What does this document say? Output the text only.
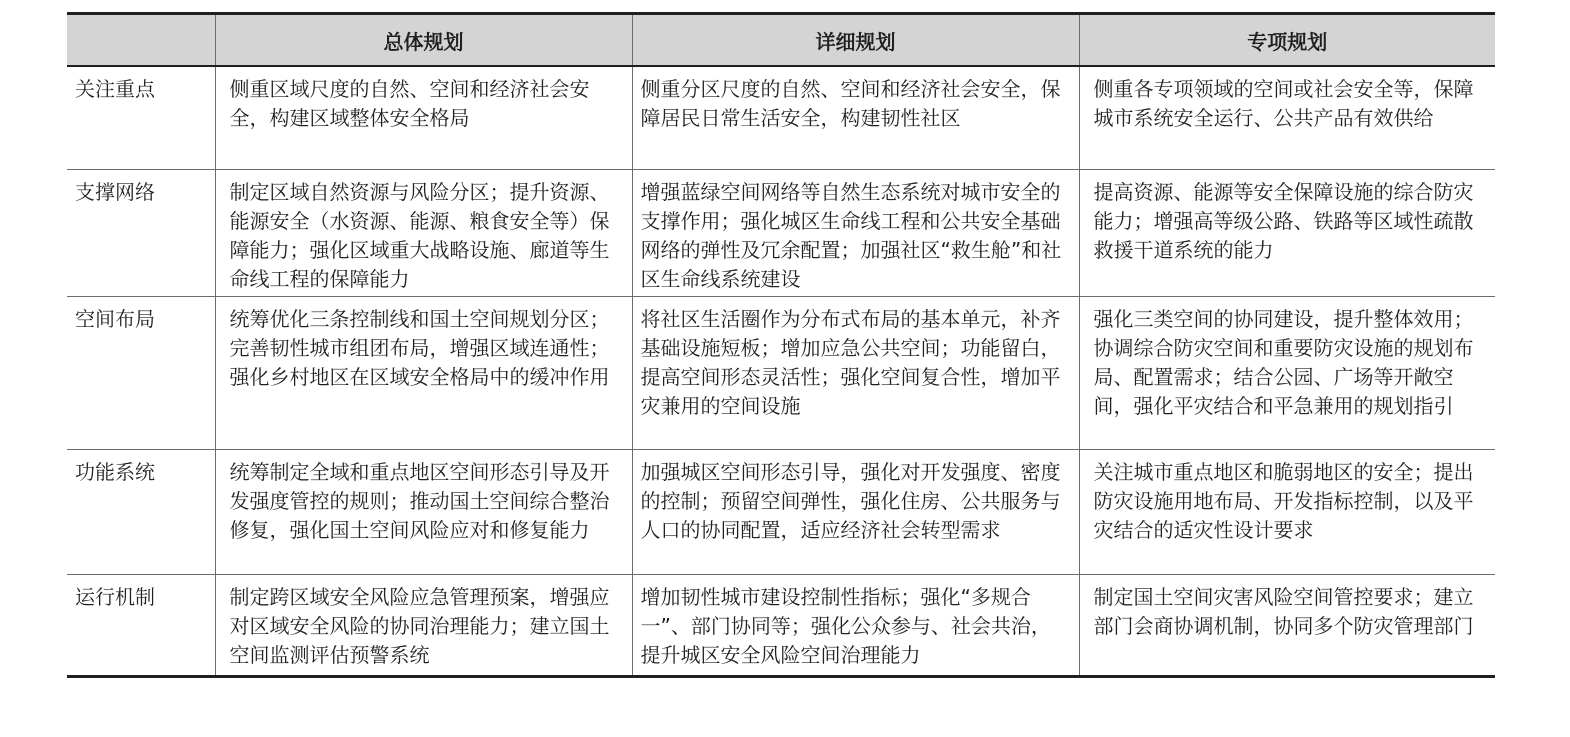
	总体规划	详细规划	专项规划
关注重点	侧重区域尺度的自然、空间和经济社会安全，构建区域整体安全格局	侧重分区尺度的自然、空间和经济社会安全，保障居民日常生活安全，构建韧性社区	侧重各专项领域的空间或社会安全等，保障城市系统安全运行、公共产品有效供给
支撑网络	制定区域自然资源与风险分区；提升资源、能源安全（水资源、能源、粮食安全等）保障能力；强化区域重大战略设施、廊道等生命线工程的保障能力	增强蓝绿空间网络等自然生态系统对城市安全的支撑作用；强化城区生命线工程和公共安全基础网络的弹性及冗余配置；加强社区“救生舱”和社区生命线系统建设	提高资源、能源等安全保障设施的综合防灾能力；增强高等级公路、铁路等区域性疏散救援干道系统的能力
空间布局	统筹优化三条控制线和国土空间规划分区；完善韧性城市组团布局，增强区域连通性；强化乡村地区在区域安全格局中的缓冲作用	将社区生活圈作为分布式布局的基本单元，补齐基础设施短板；增加应急公共空间；功能留白，提高空间形态灵活性；强化空间复合性，增加平灾兼用的空间设施	强化三类空间的协同建设，提升整体效用；协调综合防灾空间和重要防灾设施的规划布局、配置需求；结合公园、广场等开敞空间，强化平灾结合和平急兼用的规划指引
功能系统	统筹制定全域和重点地区空间形态引导及开发强度管控的规则；推动国土空间综合整治修复，强化国土空间风险应对和修复能力	加强城区空间形态引导，强化对开发强度、密度的控制；预留空间弹性，强化住房、公共服务与人口的协同配置，适应经济社会转型需求	关注城市重点地区和脆弱地区的安全；提出防灾设施用地布局、开发指标控制，以及平灾结合的适灾性设计要求
运行机制	制定跨区域安全风险应急管理预案，增强应对区域安全风险的协同治理能力；建立国土空间监测评估预警系统	增加韧性城市建设控制性指标；强化“多规合一”、部门协同等；强化公众参与、社会共治，提升城区安全风险空间治理能力	制定国土空间灾害风险空间管控要求；建立部门会商协调机制，协同多个防灾管理部门
